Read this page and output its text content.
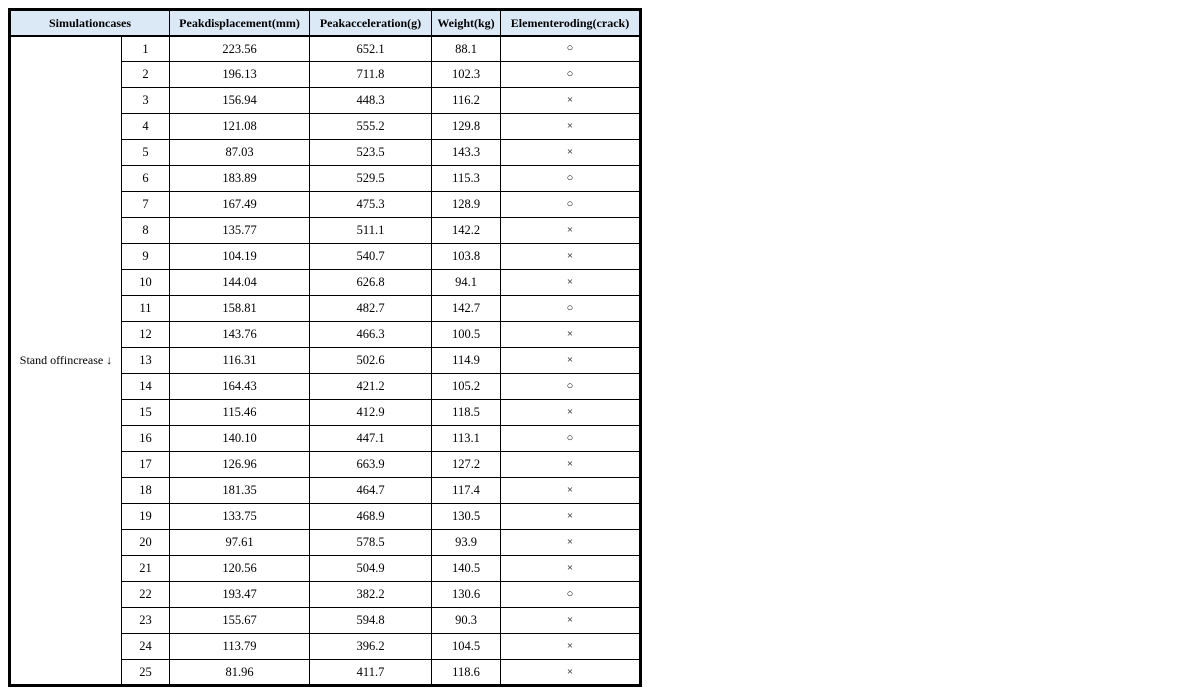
Simulationcases		Peakdisplacement(mm)	Peakacceleration(g)	Weight(kg)	Elementeroding(crack)
Stand offincrease ↓	1	223.56	652.1	88.1	○
	2	196.13	711.8	102.3	○
	3	156.94	448.3	116.2	×
	4	121.08	555.2	129.8	×
	5	87.03	523.5	143.3	×
	6	183.89	529.5	115.3	○
	7	167.49	475.3	128.9	○
	8	135.77	511.1	142.2	×
	9	104.19	540.7	103.8	×
	10	144.04	626.8	94.1	×
	11	158.81	482.7	142.7	○
	12	143.76	466.3	100.5	×
	13	116.31	502.6	114.9	×
	14	164.43	421.2	105.2	○
	15	115.46	412.9	118.5	×
	16	140.10	447.1	113.1	○
	17	126.96	663.9	127.2	×
	18	181.35	464.7	117.4	×
	19	133.75	468.9	130.5	×
	20	97.61	578.5	93.9	×
	21	120.56	504.9	140.5	×
	22	193.47	382.2	130.6	○
	23	155.67	594.8	90.3	×
	24	113.79	396.2	104.5	×
	25	81.96	411.7	118.6	×
